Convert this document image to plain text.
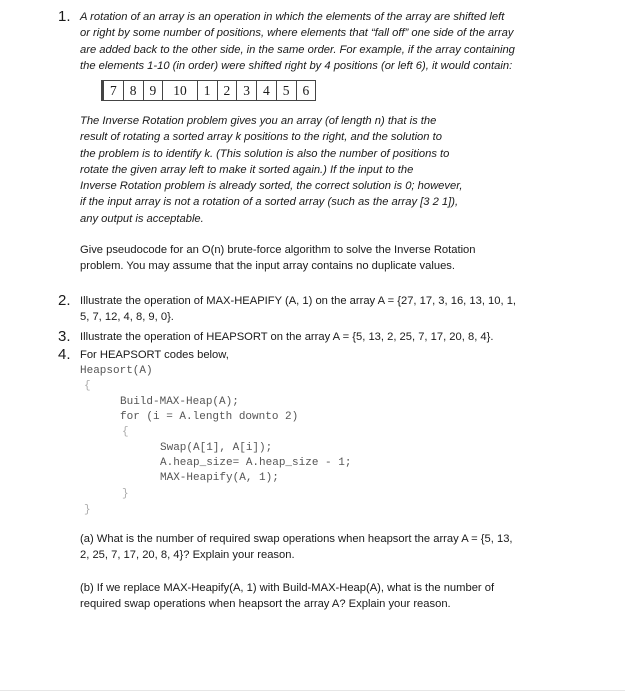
1. A rotation of an array is an operation in which the elements of the array are shifted left
or right by some number of positions, where elements that “fall off” one side of the array
are added back to the other side, in the same order. For example, if the array containing
the elements 1-10 (in order) were shifted right by 4 positions (or left 6), it would contain:
7 8 9	10	1 2 3 4 5 6
The Inverse Rotation problem gives you an array (of length n) that is the
result of rotating a sorted array k positions to the right, and the solution to
the problem is to identify k. (This solution is also the number of positions to
rotate the given array left to make it sorted again.) If the input to the
Inverse Rotation problem is already sorted, the correct solution is 0; however,
if the input array is not a rotation of a sorted array (such as the array [3 2 1]),
any output is acceptable.
Give pseudocode for an O(n) brute-force algorithm to solve the Inverse Rotation
problem. You may assume that the input array contains no duplicate values.
2. Illustrate the operation of MAX-HEAPIFY (A, 1) on the array A = {27, 17, 3, 16, 13, 10, 1,
5, 7, 12, 4, 8, 9, 0}.
3. Illustrate the operation of HEAPSORT on the array A = {5, 13, 2, 25, 7, 17, 20, 8, 4}.
4. For HEAPSORT codes below,
Heapsort(A)
{
Build-MAX-Heap(A);
for (i = A.length downto 2)
{
Swap(A[1], A[i]);
A.heap_size= A.heap_size - 1;
MAX-Heapify(A, 1);
}
}
(a) What is the number of required swap operations when heapsort the array A = {5, 13,
2, 25, 7, 17, 20, 8, 4}? Explain your reason.
(b) If we replace MAX-Heapify(A, 1) with Build-MAX-Heap(A), what is the number of
required swap operations when heapsort the array A? Explain your reason.
